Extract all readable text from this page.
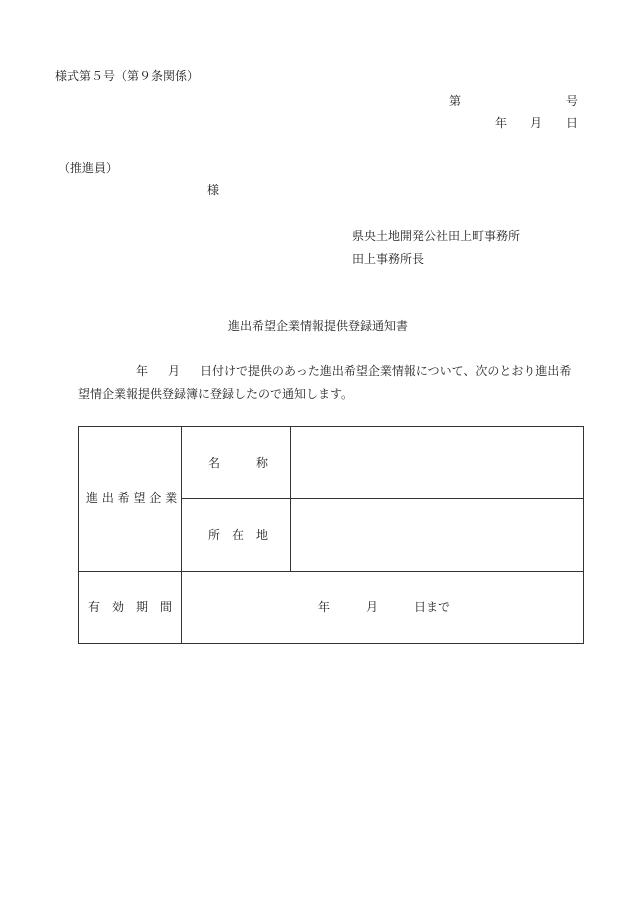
様式第５号（第９条関係）
第	号
年 月 日
（推進員）
様
県央土地開発公社田上町事務所
田上事務所長
進出希望企業情報提供登録通知書
年 月 日付けで提供のあった進出希望企業情報について、次のとおり進出希
望情企業報提供登録簿に登録したので通知します。
進 出 希 望 企 業
名　　　称
所　在　地
有　効　期　間	年　　　月　　　日まで
